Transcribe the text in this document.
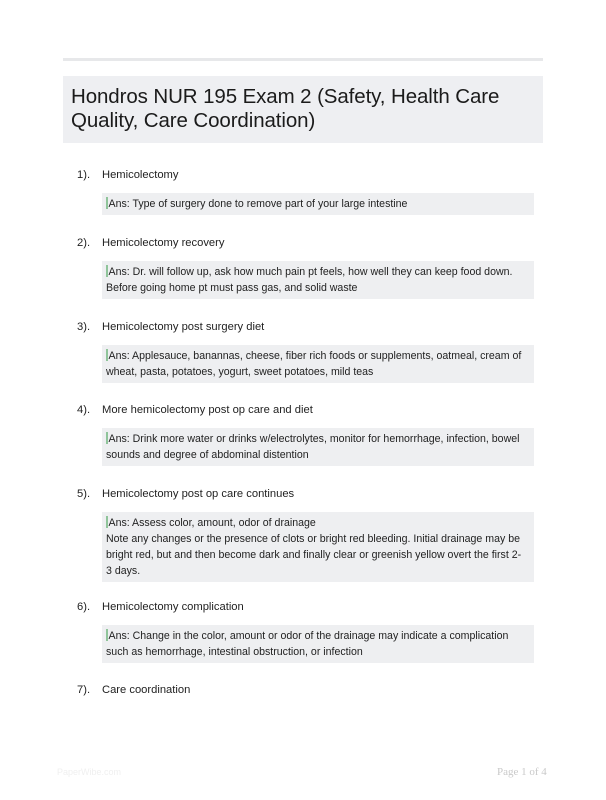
Hondros NUR 195 Exam 2 (Safety, Health Care Quality, Care Coordination)
1). Hemicolectomy

Ans: Type of surgery done to remove part of your large intestine

2). Hemicolectomy recovery

Ans: Dr. will follow up, ask how much pain pt feels, how well they can keep food down. Before going home pt must pass gas, and solid waste

3). Hemicolectomy post surgery diet

Ans: Applesauce, banannas, cheese, fiber rich foods or supplements, oatmeal, cream of wheat, pasta, potatoes, yogurt, sweet potatoes, mild teas

4). More hemicolectomy post op care and diet

Ans: Drink more water or drinks w/electrolytes, monitor for hemorrhage, infection, bowel sounds and degree of abdominal distention

5). Hemicolectomy post op care continues

Ans: Assess color, amount, odor of drainage

Note any changes or the presence of clots or bright red bleeding. Initial drainage may be bright red, but and then become dark and finally clear or greenish yellow overt the first 2-3 days.

6). Hemicolectomy complication

Ans: Change in the color, amount or odor of the drainage may indicate a complication such as hemorrhage, intestinal obstruction, or infection

7). Care coordination
PaperWibe.com	Page 1 of 4
